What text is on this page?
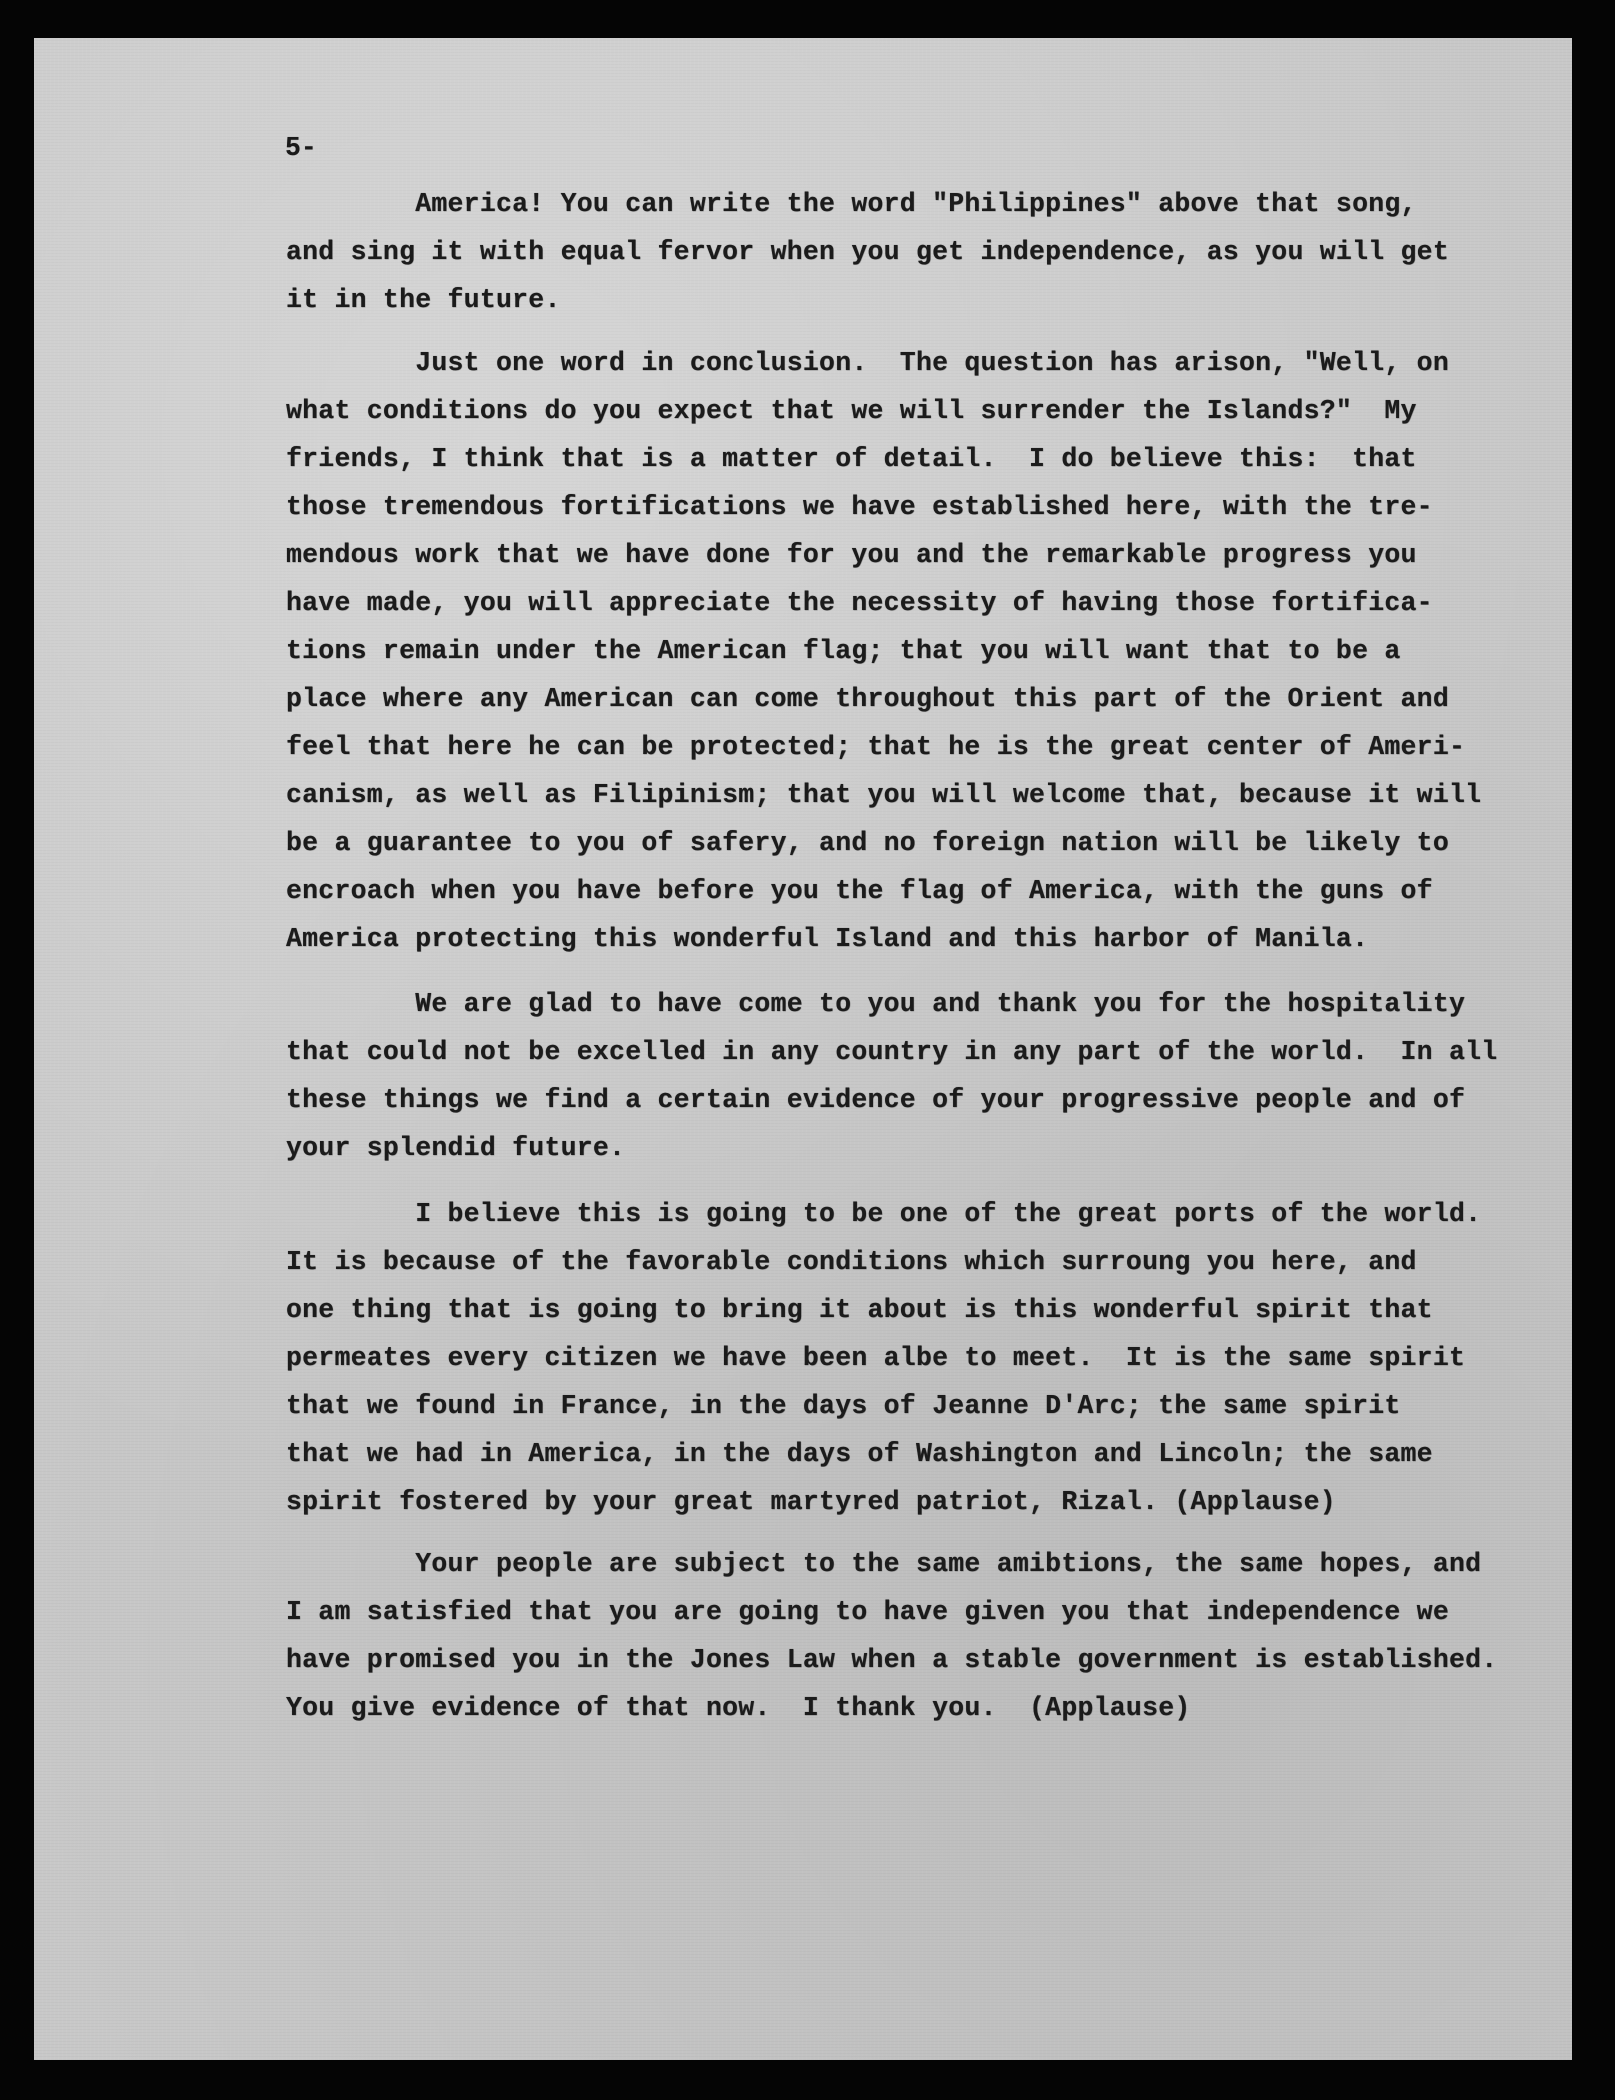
5-
America! You can write the word "Philippines" above that song,
and sing it with equal fervor when you get independence, as you will get
it in the future.
Just one word in conclusion.  The question has arison, "Well, on
what conditions do you expect that we will surrender the Islands?"  My
friends, I think that is a matter of detail.  I do believe this:  that
those tremendous fortifications we have established here, with the tre-
mendous work that we have done for you and the remarkable progress you
have made, you will appreciate the necessity of having those fortifica-
tions remain under the American flag; that you will want that to be a
place where any American can come throughout this part of the Orient and
feel that here he can be protected; that he is the great center of Ameri-
canism, as well as Filipinism; that you will welcome that, because it will
be a guarantee to you of safery, and no foreign nation will be likely to
encroach when you have before you the flag of America, with the guns of
America protecting this wonderful Island and this harbor of Manila.
We are glad to have come to you and thank you for the hospitality
that could not be excelled in any country in any part of the world.  In all
these things we find a certain evidence of your progressive people and of
your splendid future.
I believe this is going to be one of the great ports of the world.
It is because of the favorable conditions which surroung you here, and
one thing that is going to bring it about is this wonderful spirit that
permeates every citizen we have been albe to meet.  It is the same spirit
that we found in France, in the days of Jeanne D'Arc; the same spirit
that we had in America, in the days of Washington and Lincoln; the same
spirit fostered by your great martyred patriot, Rizal. (Applause)
Your people are subject to the same amibtions, the same hopes, and
I am satisfied that you are going to have given you that independence we
have promised you in the Jones Law when a stable government is established.
You give evidence of that now.  I thank you.  (Applause)
